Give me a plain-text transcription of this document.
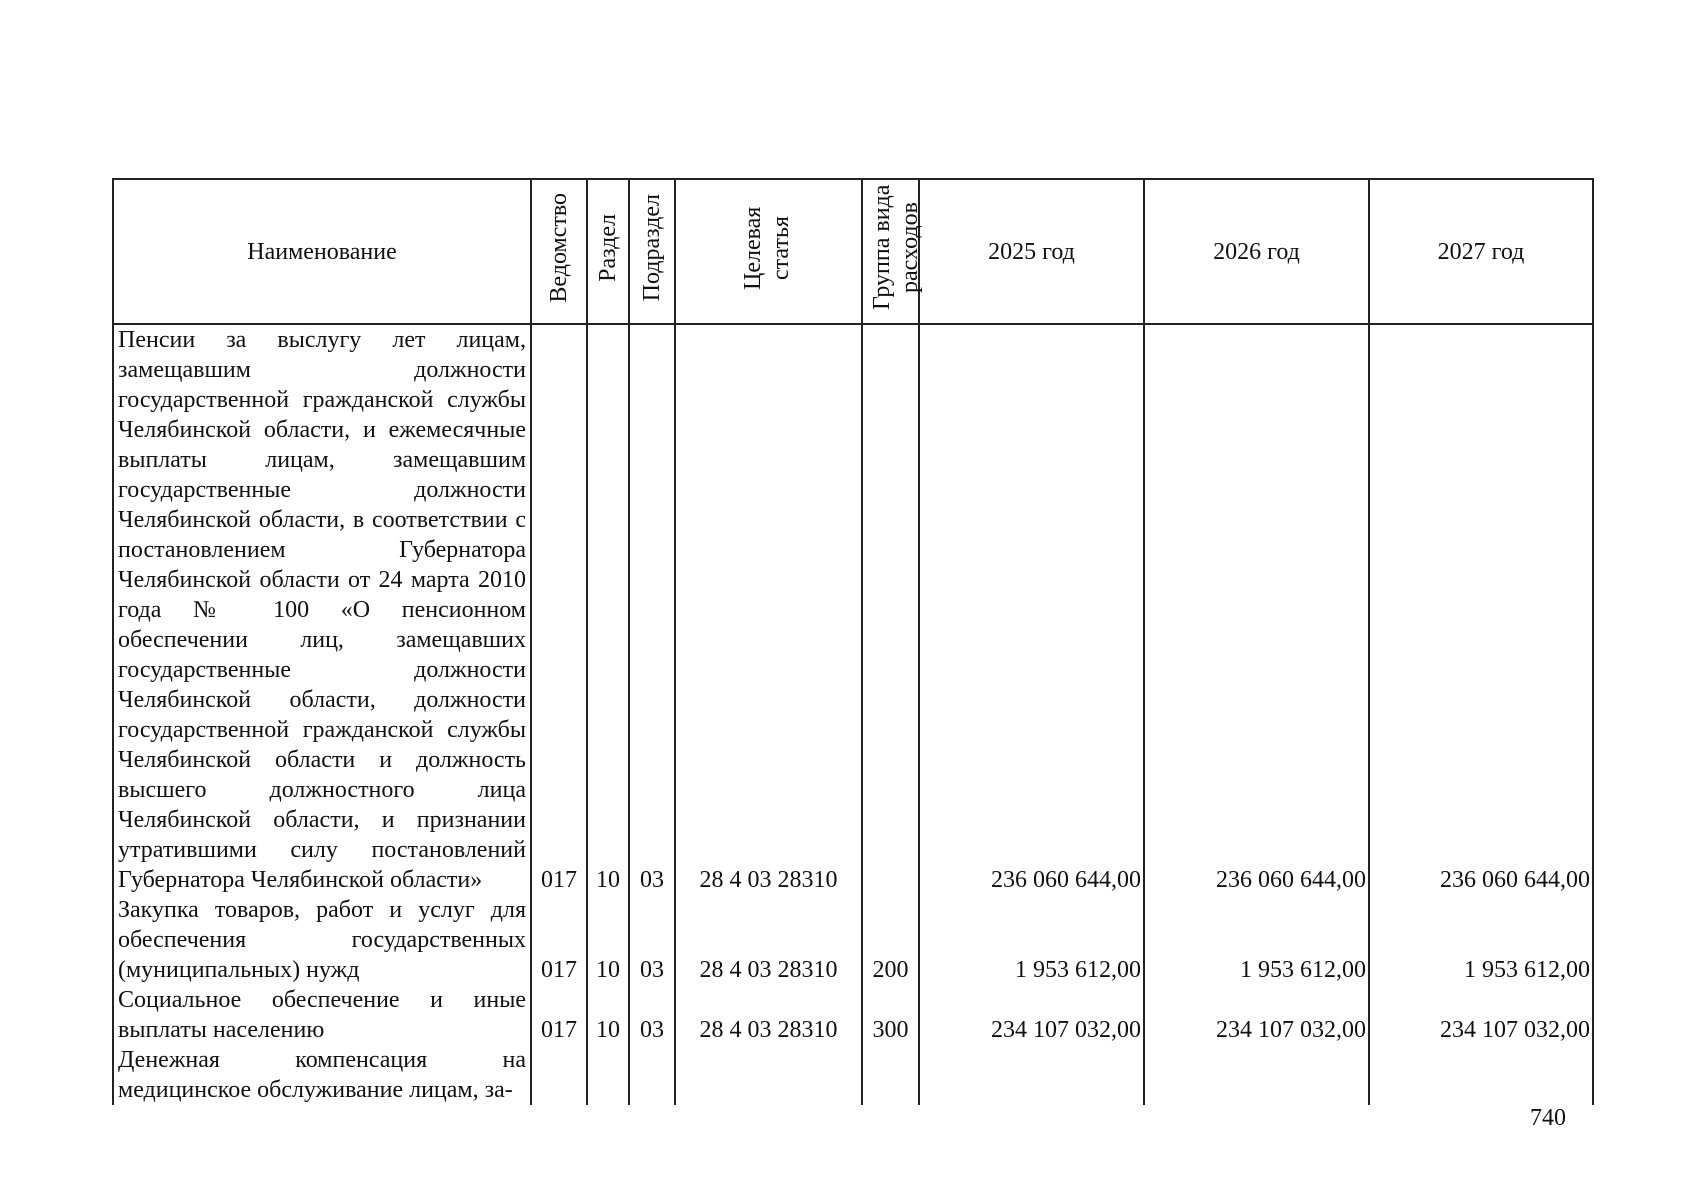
Наименование	Ведомство	Раздел	Подраздел	Целевая статья	Группа вида расходов	2025 год	2026 год	2027 год
Пенсии за выслугу лет лицам, замещавшим должности государственной гражданской службы Челябинской области, и ежемесячные выплаты лицам, замещавшим государственные должности Челябинской области, в соответствии с постановлением Губернатора Челябинской области от 24 марта 2010 года № 100 «О пенсионном обеспечении лиц, замещавших государственные должности Челябинской области, должности государственной гражданской службы Челябинской области и должность высшего должностного лица Челябинской области, и признании утратившими силу постановлений Губернатора Челябинской области»	017	10	03	28 4 03 28310		236 060 644,00	236 060 644,00	236 060 644,00
Закупка товаров, работ и услуг для обеспечения государственных (муниципальных) нужд	017	10	03	28 4 03 28310	200	1 953 612,00	1 953 612,00	1 953 612,00
Социальное обеспечение и иные выплаты населению	017	10	03	28 4 03 28310	300	234 107 032,00	234 107 032,00	234 107 032,00
Денежная компенсация на медицинское обслуживание лицам, за-								
740
